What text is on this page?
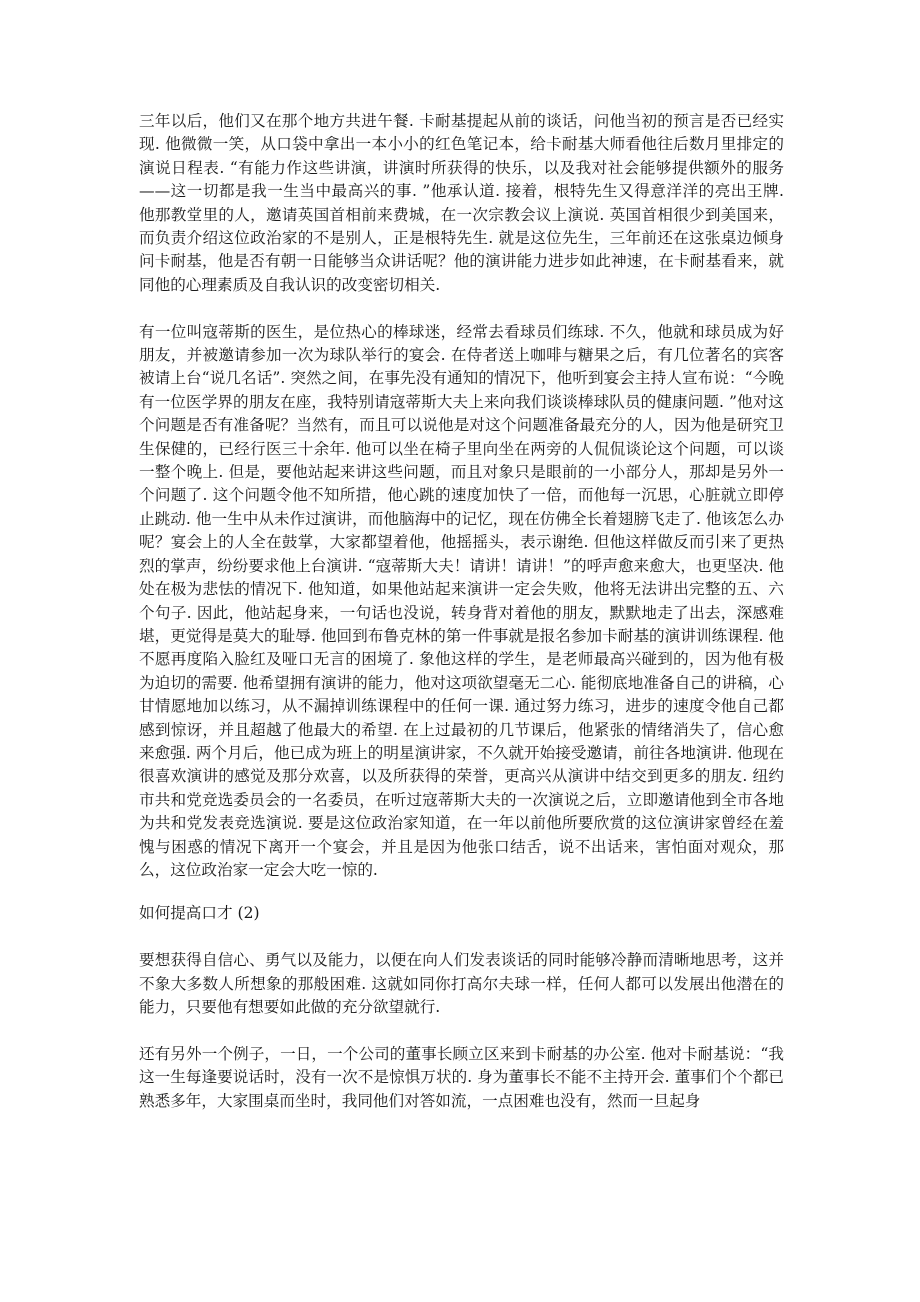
三年以后，他们又在那个地方共进午餐. 卡耐基提起从前的谈话，问他当初的预言是否已经实现. 他微微一笑，从口袋中拿出一本小小的红色笔记本，给卡耐基大师看他往后数月里排定的演说日程表. “有能力作这些讲演，讲演时所获得的快乐，以及我对社会能够提供额外的服务——这一切都是我一生当中最高兴的事. ”他承认道. 接着，根特先生又得意洋洋的亮出王牌. 他那教堂里的人，邀请英国首相前来费城，在一次宗教会议上演说. 英国首相很少到美国来，而负责介绍这位政治家的不是别人，正是根特先生. 就是这位先生，三年前还在这张桌边倾身问卡耐基，他是否有朝一日能够当众讲话呢？他的演讲能力进步如此神速，在卡耐基看来，就同他的心理素质及自我认识的改变密切相关.

有一位叫寇蒂斯的医生，是位热心的棒球迷，经常去看球员们练球. 不久，他就和球员成为好朋友，并被邀请参加一次为球队举行的宴会. 在侍者送上咖啡与糖果之后，有几位著名的宾客被请上台“说几名话”. 突然之间，在事先没有通知的情况下，他听到宴会主持人宣布说：“今晚有一位医学界的朋友在座，我特别请寇蒂斯大夫上来向我们谈谈棒球队员的健康问题. ”他对这个问题是否有准备呢？当然有，而且可以说他是对这个问题准备最充分的人，因为他是研究卫生保健的，已经行医三十余年. 他可以坐在椅子里向坐在两旁的人侃侃谈论这个问题，可以谈一整个晚上. 但是，要他站起来讲这些问题，而且对象只是眼前的一小部分人，那却是另外一个问题了. 这个问题令他不知所措，他心跳的速度加快了一倍，而他每一沉思，心脏就立即停止跳动. 他一生中从未作过演讲，而他脑海中的记忆，现在仿佛全长着翅膀飞走了. 他该怎么办呢？宴会上的人全在鼓掌，大家都望着他，他摇摇头，表示谢绝. 但他这样做反而引来了更热烈的掌声，纷纷要求他上台演讲. “寇蒂斯大夫！请讲！请讲！”的呼声愈来愈大，也更坚决. 他处在极为悲怯的情况下. 他知道，如果他站起来演讲一定会失败，他将无法讲出完整的五、六个句子. 因此，他站起身来，一句话也没说，转身背对着他的朋友，默默地走了出去，深感难堪，更觉得是莫大的耻辱. 他回到布鲁克林的第一件事就是报名参加卡耐基的演讲训练课程. 他不愿再度陷入脸红及哑口无言的困境了. 象他这样的学生，是老师最高兴碰到的，因为他有极为迫切的需要. 他希望拥有演讲的能力，他对这项欲望毫无二心. 能彻底地准备自己的讲稿，心甘情愿地加以练习，从不漏掉训练课程中的任何一课. 通过努力练习，进步的速度令他自己都感到惊讶，并且超越了他最大的希望. 在上过最初的几节课后，他紧张的情绪消失了，信心愈来愈强. 两个月后，他已成为班上的明星演讲家，不久就开始接受邀请，前往各地演讲. 他现在很喜欢演讲的感觉及那分欢喜，以及所获得的荣誉，更高兴从演讲中结交到更多的朋友. 纽约市共和党竞选委员会的一名委员，在听过寇蒂斯大夫的一次演说之后，立即邀请他到全市各地为共和党发表竞选演说. 要是这位政治家知道，在一年以前他所要欣赏的这位演讲家曾经在羞愧与困惑的情况下离开一个宴会，并且是因为他张口结舌，说不出话来，害怕面对观众，那么，这位政治家一定会大吃一惊的.

如何提高口才 (2)

要想获得自信心、勇气以及能力，以便在向人们发表谈话的同时能够冷静而清晰地思考，这并不象大多数人所想象的那般困难. 这就如同你打高尔夫球一样，任何人都可以发展出他潜在的能力，只要他有想要如此做的充分欲望就行.

还有另外一个例子，一日，一个公司的董事长顾立区来到卡耐基的办公室. 他对卡耐基说：“我这一生每逢要说话时，没有一次不是惊惧万状的. 身为董事长不能不主持开会. 董事们个个都已熟悉多年，大家围桌而坐时，我同他们对答如流，一点困难也没有，然而一旦起身
